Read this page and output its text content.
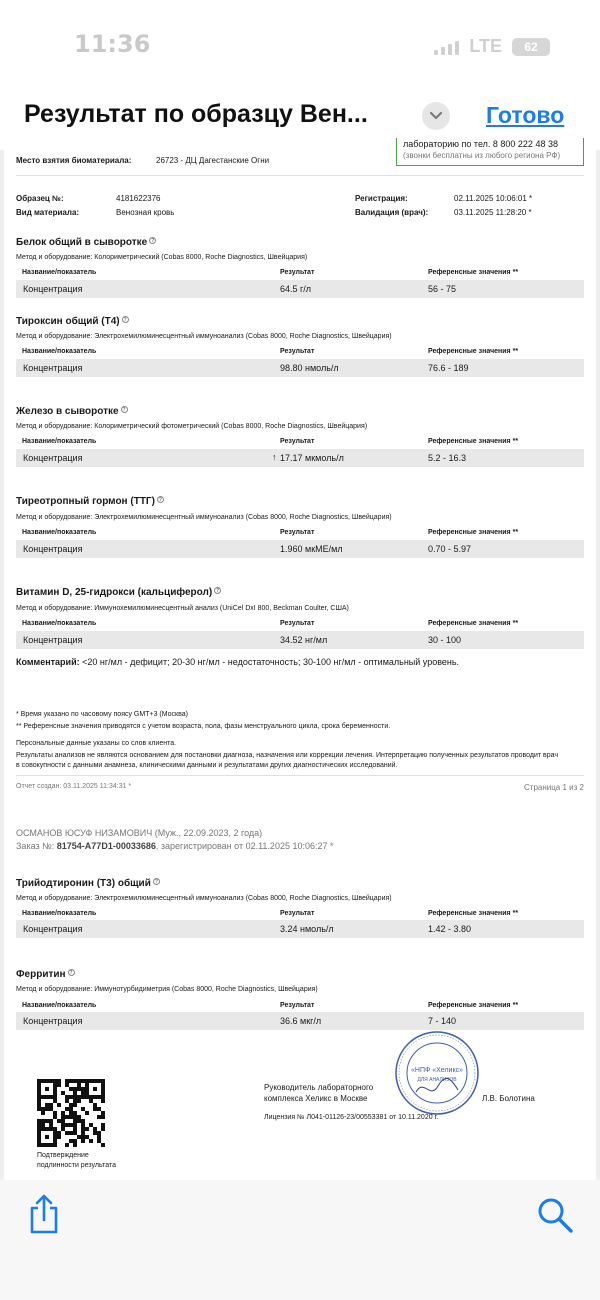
11:36	LTE	62
Результат по образцу Вен...	Готово
лабораторию по тел. 8 800 222 48 38
(звонки бесплатны из любого региона РФ)
Место взятия биоматериала:	26723 - ДЦ Дагестанские Огни
Образец №:	4181622376
Вид материала:	Венозная кровь
Регистрация:	02.11.2025 10:06:01 *
Валидация (врач):	03.11.2025 11:28:20 *
Белок общий в сыворотке ?
Метод и оборудование: Колориметрический (Cobas 8000, Roche Diagnostics, Швейцария)
Название/показатель	Результат	Референсные значения **
Концентрация	64.5 г/л	56 - 75
Тироксин общий (Т4) ?
Метод и оборудование: Электрохемилюминесцентный иммуноанализ (Cobas 8000, Roche Diagnostics, Швейцария)
Название/показатель	Результат	Референсные значения **
Концентрация	98.80 нмоль/л	76.6 - 189
Железо в сыворотке ?
Метод и оборудование: Колориметрический фотометрический (Cobas 8000, Roche Diagnostics, Швейцария)
Название/показатель	Результат	Референсные значения **
Концентрация	↑ 17.17 мкмоль/л	5.2 - 16.3
Тиреотропный гормон (ТТГ) ?
Метод и оборудование: Электрохемилюминесцентный иммуноанализ (Cobas 8000, Roche Diagnostics, Швейцария)
Название/показатель	Результат	Референсные значения **
Концентрация	1.960 мкМЕ/мл	0.70 - 5.97
Витамин D, 25-гидрокси (кальциферол) ?
Метод и оборудование: Иммунохемилюминесцентный анализ (UniCel DxI 800, Beckman Coulter, США)
Название/показатель	Результат	Референсные значения **
Концентрация	34.52 нг/мл	30 - 100
Комментарий: <20 нг/мл - дефицит; 20-30 нг/мл - недостаточность; 30-100 нг/мл - оптимальный уровень.
* Время указано по часовому поясу GMT+3 (Москва)
** Референсные значения приводятся с учетом возраста, пола, фазы менструального цикла, срока беременности.
Персональные данные указаны со слов клиента.
Результаты анализов не являются основанием для постановки диагноза, назначения или коррекции лечения. Интерпретацию полученных результатов проводит врач
в совокупности с данными анамнеза, клиническими данными и результатами других диагностических исследований.
Отчет создан: 03.11.2025 11:34:31 *	Страница 1 из 2
ОСМАНОВ ЮСУФ НИЗАМОВИЧ (Муж., 22.09.2023, 2 года)
Заказ №: 81754-A77D1-00033686, зарегистрирован от 02.11.2025 10:06:27 *
Трийодтиронин (Т3) общий ?
Метод и оборудование: Электрохемилюминесцентный иммуноанализ (Cobas 8000, Roche Diagnostics, Швейцария)
Название/показатель	Результат	Референсные значения **
Концентрация	3.24 нмоль/л	1.42 - 3.80
Ферритин ?
Метод и оборудование: Иммунотурбидиметрия (Cobas 8000, Roche Diagnostics, Швейцария)
Название/показатель	Результат	Референсные значения **
Концентрация	36.6 мкг/л	7 - 140
Подтверждение
подлинности результата
«НПФ «Хеликс»
ДЛЯ АНАЛИЗОВ
Руководитель лабораторного
комплекса Хеликс в Москве	Л.В. Болотина
Лицензия № Л041-01126-23/00553381 от 10.11.2020 г.
